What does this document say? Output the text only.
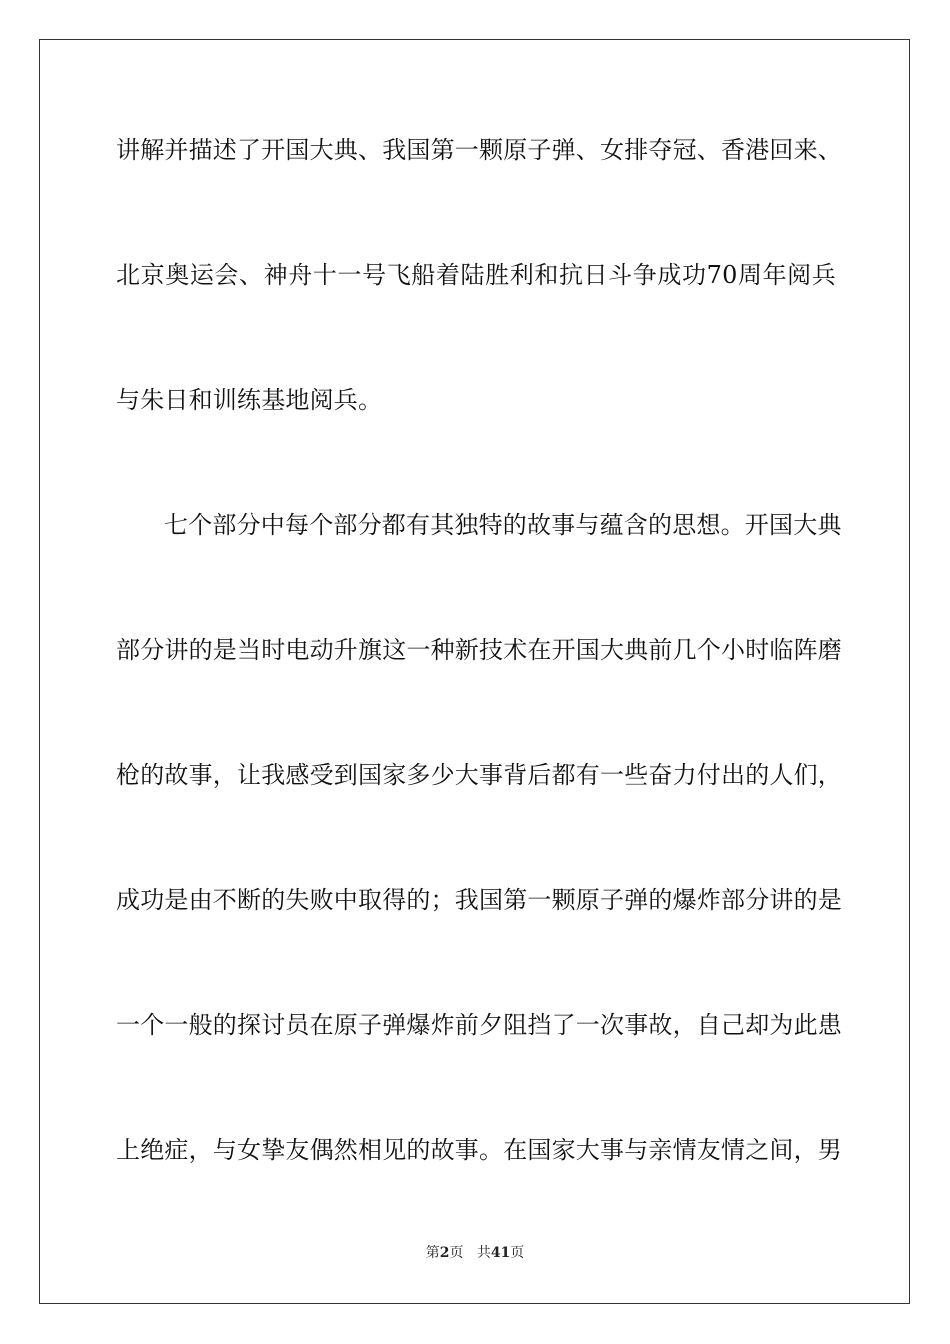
讲解并描述了开国大典、我国第一颗原子弹、女排夺冠、香港回来、
北京奥运会、神舟十一号飞船着陆胜利和抗日斗争成功70周年阅兵
与朱日和训练基地阅兵。
七个部分中每个部分都有其独特的故事与蕴含的思想。开国大典
部分讲的是当时电动升旗这一种新技术在开国大典前几个小时临阵磨
枪的故事，让我感受到国家多少大事背后都有一些奋力付出的人们，
成功是由不断的失败中取得的；我国第一颗原子弹的爆炸部分讲的是
一个一般的探讨员在原子弹爆炸前夕阻挡了一次事故，自己却为此患
上绝症，与女挚友偶然相见的故事。在国家大事与亲情友情之间，男
第2页 共41页
